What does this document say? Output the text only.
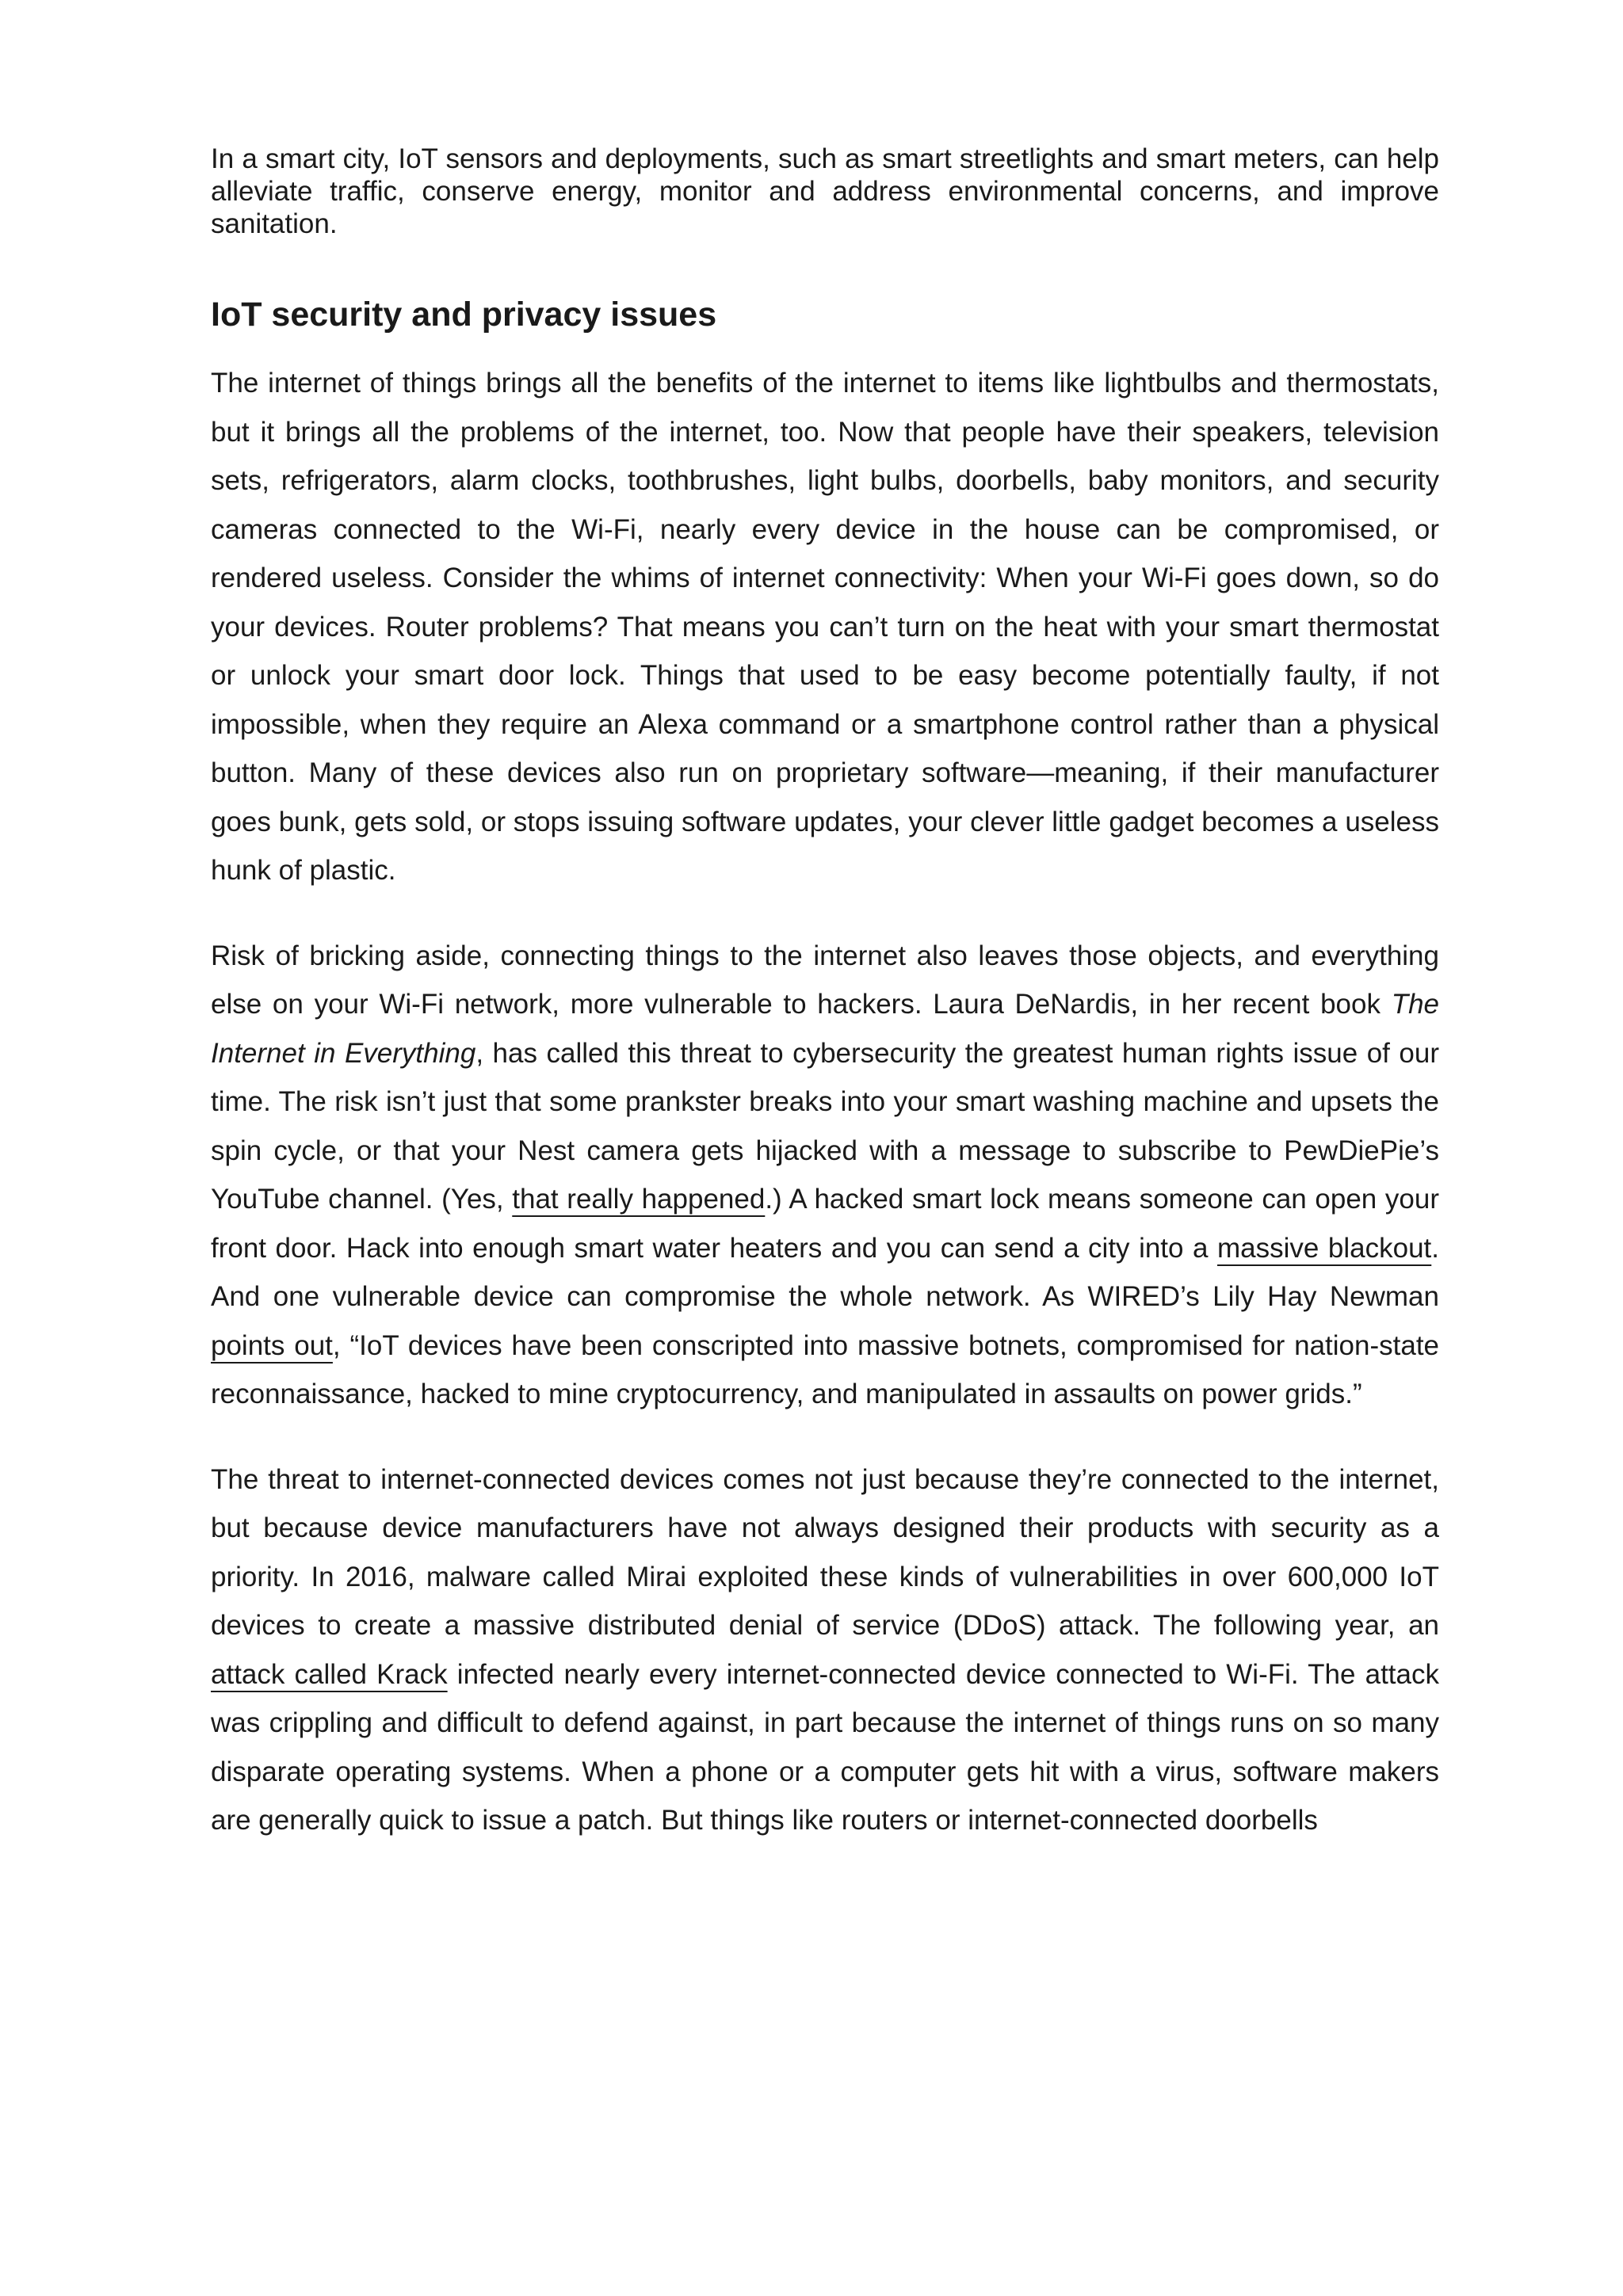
In a smart city, IoT sensors and deployments, such as smart streetlights and smart meters, can help alleviate traffic, conserve energy, monitor and address environmental concerns, and improve sanitation.

IoT security and privacy issues

The internet of things brings all the benefits of the internet to items like lightbulbs and thermostats, but it brings all the problems of the internet, too. Now that people have their speakers, television sets, refrigerators, alarm clocks, toothbrushes, light bulbs, doorbells, baby monitors, and security cameras connected to the Wi-Fi, nearly every device in the house can be compromised, or rendered useless. Consider the whims of internet connectivity: When your Wi-Fi goes down, so do your devices. Router problems? That means you can’t turn on the heat with your smart thermostat or unlock your smart door lock. Things that used to be easy become potentially faulty, if not impossible, when they require an Alexa command or a smartphone control rather than a physical button. Many of these devices also run on proprietary software—meaning, if their manufacturer goes bunk, gets sold, or stops issuing software updates, your clever little gadget becomes a useless hunk of plastic.

Risk of bricking aside, connecting things to the internet also leaves those objects, and everything else on your Wi-Fi network, more vulnerable to hackers. Laura DeNardis, in her recent book The Internet in Everything, has called this threat to cybersecurity the greatest human rights issue of our time. The risk isn’t just that some prankster breaks into your smart washing machine and upsets the spin cycle, or that your Nest camera gets hijacked with a message to subscribe to PewDiePie’s YouTube channel. (Yes, that really happened.) A hacked smart lock means someone can open your front door. Hack into enough smart water heaters and you can send a city into a massive blackout. And one vulnerable device can compromise the whole network. As WIRED’s Lily Hay Newman points out, “IoT devices have been conscripted into massive botnets, compromised for nation-state reconnaissance, hacked to mine cryptocurrency, and manipulated in assaults on power grids.”

The threat to internet-connected devices comes not just because they’re connected to the internet, but because device manufacturers have not always designed their products with security as a priority. In 2016, malware called Mirai exploited these kinds of vulnerabilities in over 600,000 IoT devices to create a massive distributed denial of service (DDoS) attack. The following year, an attack called Krack infected nearly every internet-connected device connected to Wi-Fi. The attack was crippling and difficult to defend against, in part because the internet of things runs on so many disparate operating systems. When a phone or a computer gets hit with a virus, software makers are generally quick to issue a patch. But things like routers or internet-connected doorbells
